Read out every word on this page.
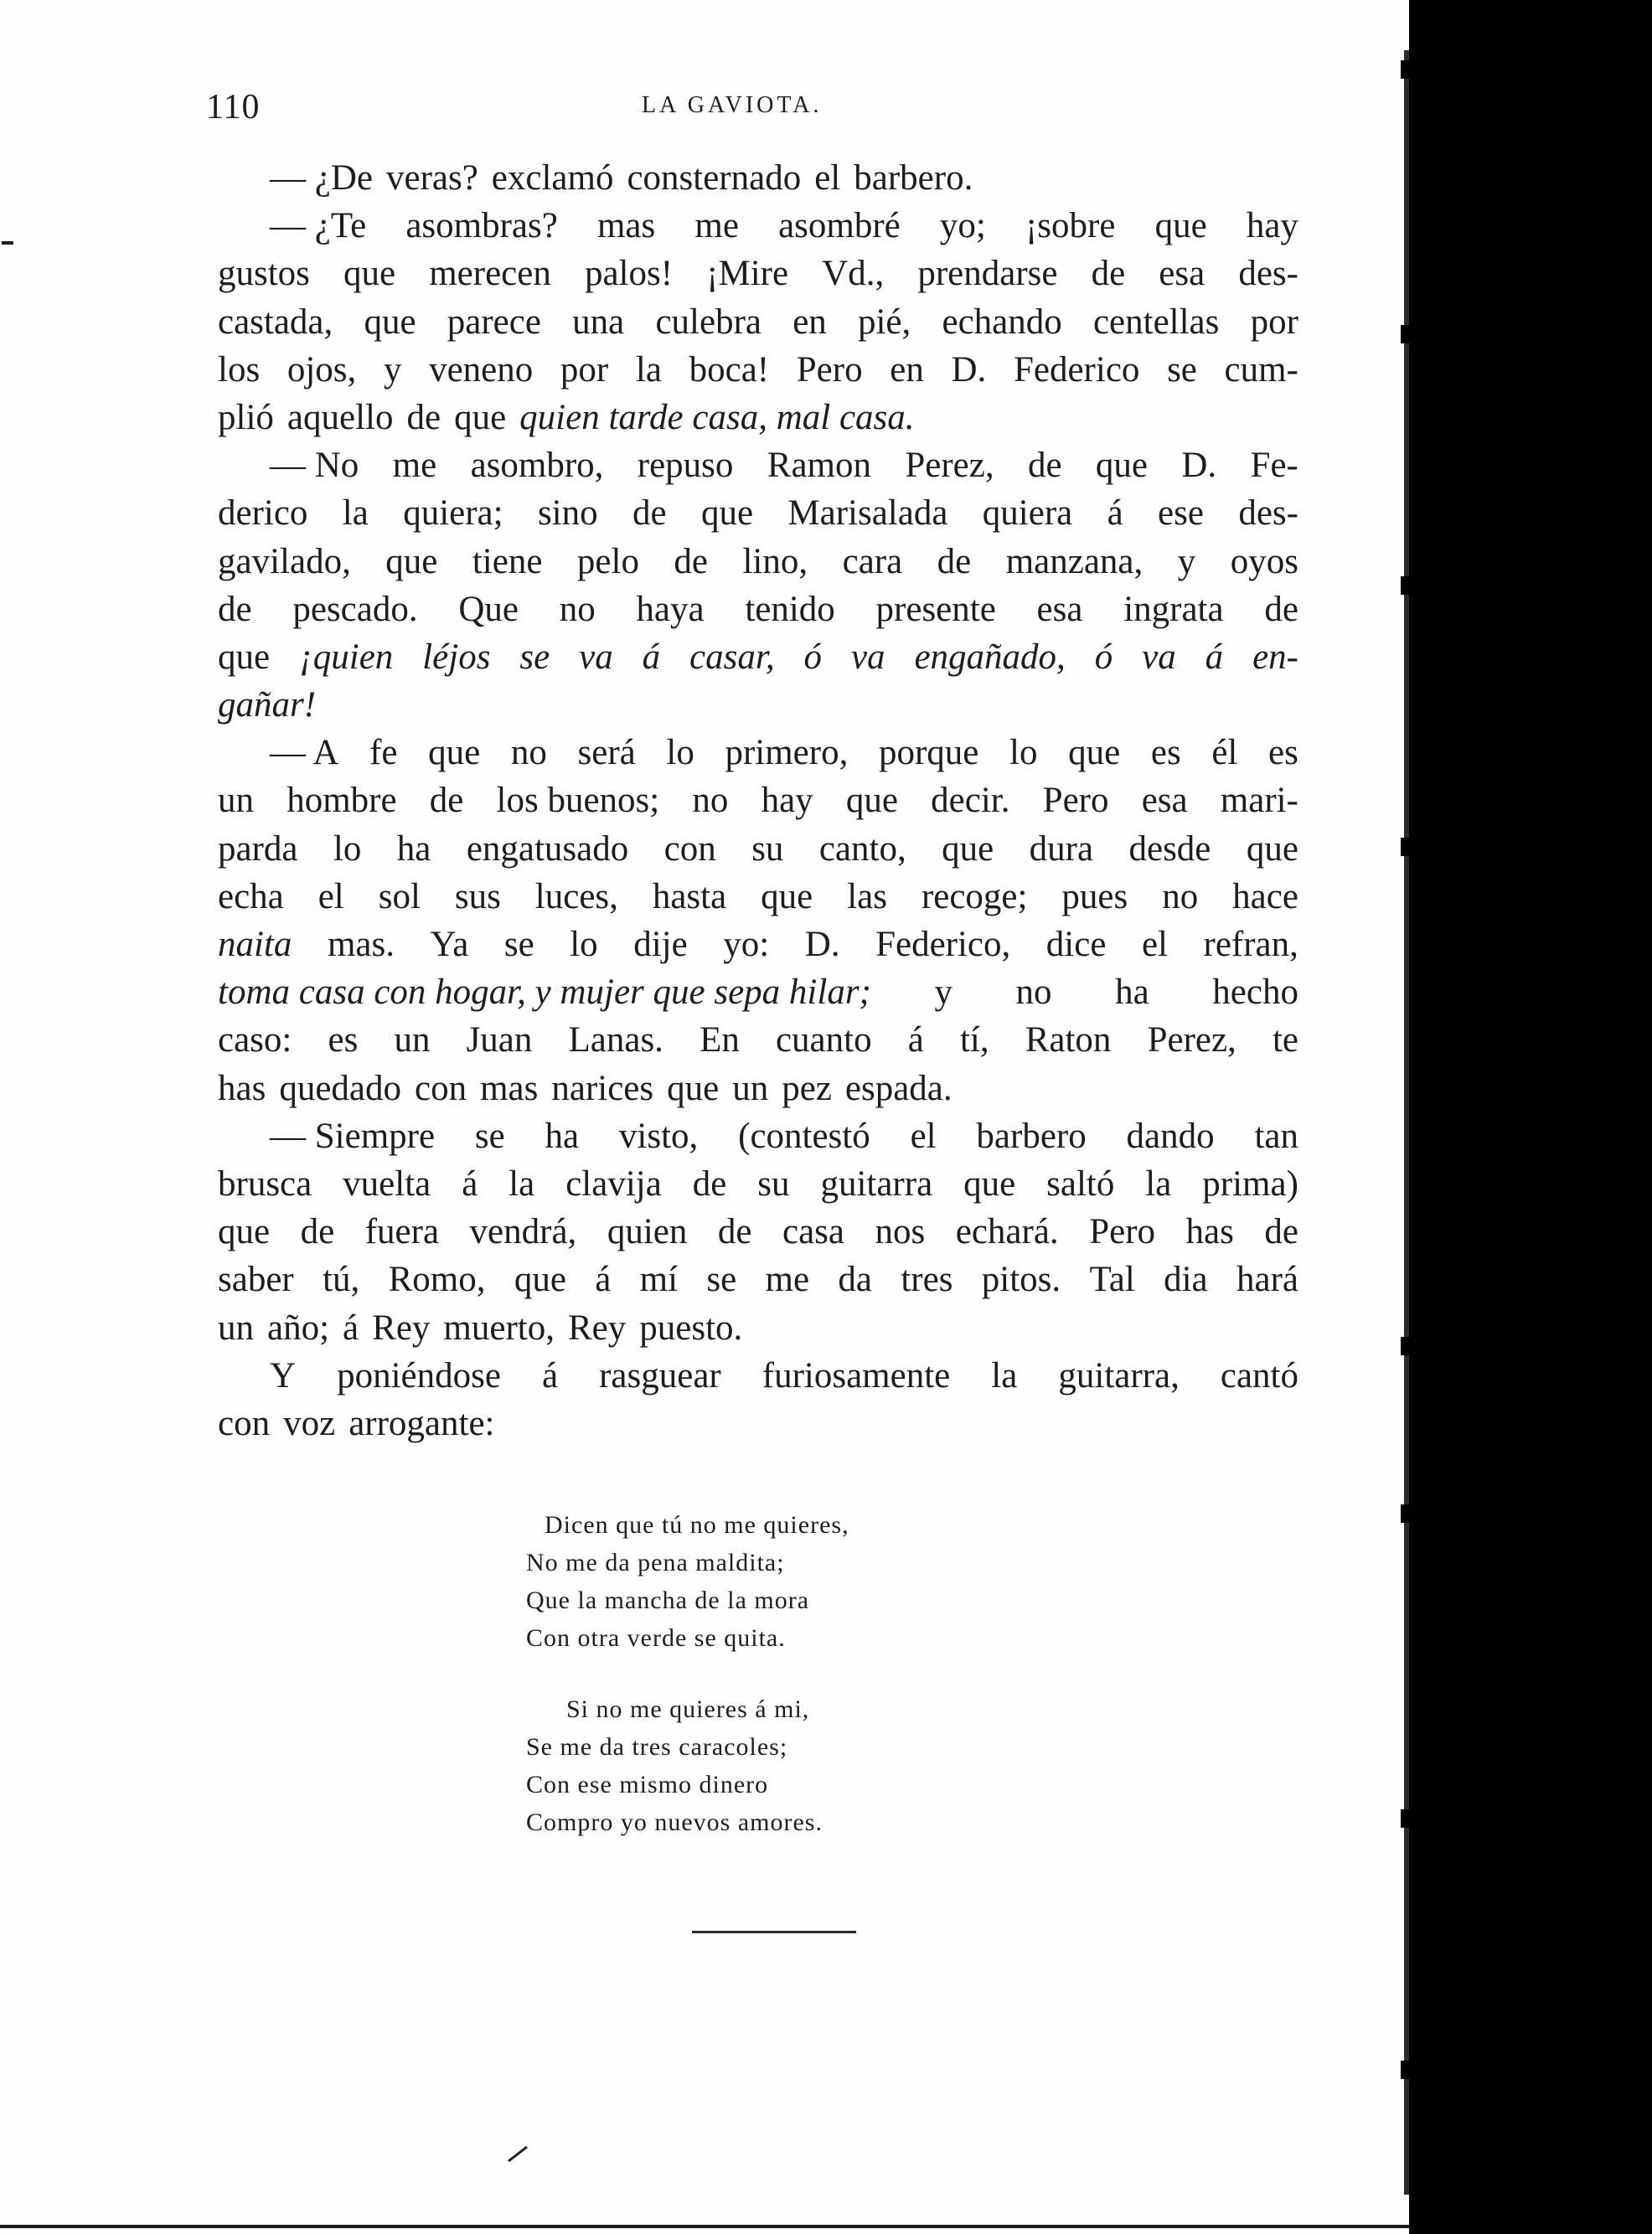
110	LA GAVIOTA.
— ¿De veras? exclamó consternado el barbero.
— ¿Te asombras? mas me asombré yo; ¡sobre que hay
gustos que merecen palos! ¡Mire Vd., prendarse de esa des-
castada, que parece una culebra en pié, echando centellas por
los ojos, y veneno por la boca! Pero en D. Federico se cum-
plió aquello de que quien tarde casa, mal casa.
— No me asombro, repuso Ramon Perez, de que D. Fe-
derico la quiera; sino de que Marisalada quiera á ese des-
gavilado, que tiene pelo de lino, cara de manzana, y oyos
de pescado. Que no haya tenido presente esa ingrata de
que ¡quien léjos se va á casar, ó va engañado, ó va á en-
gañar!
— A fe que no será lo primero, porque lo que es él es
un hombre de los buenos; no hay que decir. Pero esa mari-
parda lo ha engatusado con su canto, que dura desde que
echa el sol sus luces, hasta que las recoge; pues no hace
naita mas. Ya se lo dije yo: D. Federico, dice el refran,
toma casa con hogar, y mujer que sepa hilar; y no ha hecho
caso: es un Juan Lanas. En cuanto á tí, Raton Perez, te
has quedado con mas narices que un pez espada.
— Siempre se ha visto, (contestó el barbero dando tan
brusca vuelta á la clavija de su guitarra que saltó la prima)
que de fuera vendrá, quien de casa nos echará. Pero has de
saber tú, Romo, que á mí se me da tres pitos. Tal dia hará
un año; á Rey muerto, Rey puesto.
Y poniéndose á rasguear furiosamente la guitarra, cantó
con voz arrogante:
Dicen que tú no me quieres,
No me da pena maldita;
Que la mancha de la mora
Con otra verde se quita.
Si no me quieres á mi,
Se me da tres caracoles;
Con ese mismo dinero
Compro yo nuevos amores.
